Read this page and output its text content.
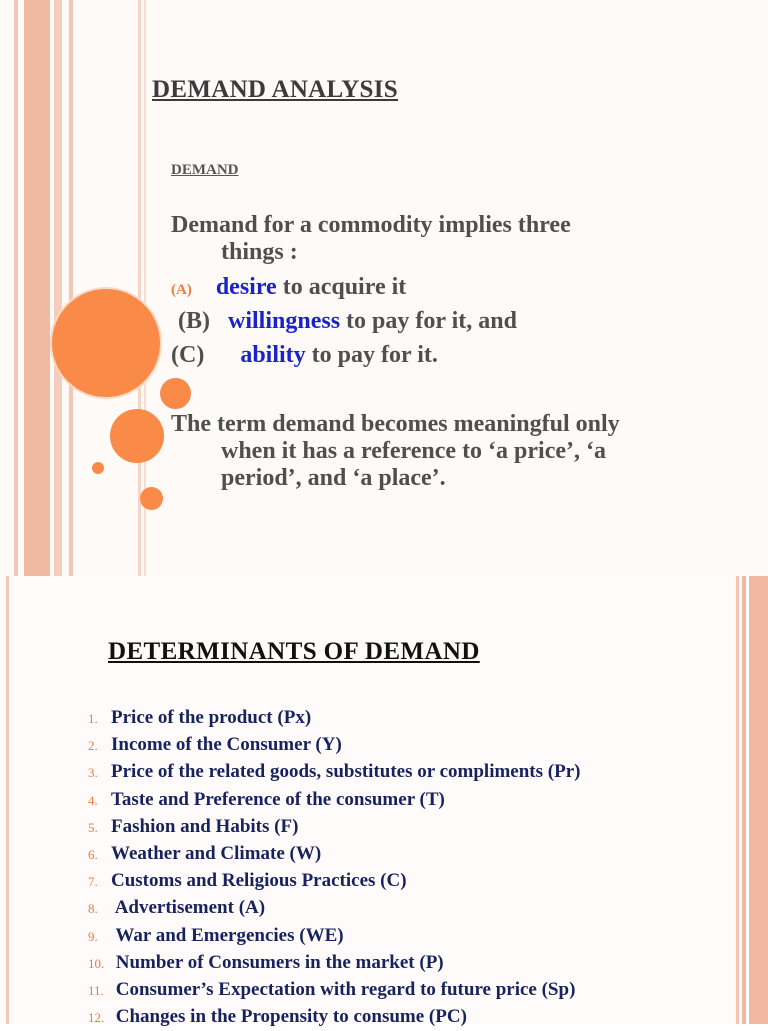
DEMAND ANALYSIS
DEMAND
Demand for a commodity implies three
things :
(A) desire to acquire it
(B) willingness to pay for it, and
(C) ability to pay for it.
The term demand becomes meaningful only
when it has a reference to ‘a price’, ‘a
period’, and ‘a place’.
DETERMINANTS OF DEMAND
1. Price of the product (Px)
2. Income of the Consumer (Y)
3. Price of the related goods, substitutes or compliments (Pr)
4. Taste and Preference of the consumer (T)
5. Fashion and Habits (F)
6. Weather and Climate (W)
7. Customs and Religious Practices (C)
8. Advertisement (A)
9. War and Emergencies (WE)
10. Number of Consumers in the market (P)
11. Consumer’s Expectation with regard to future price (Sp)
12. Changes in the Propensity to consume (PC)
